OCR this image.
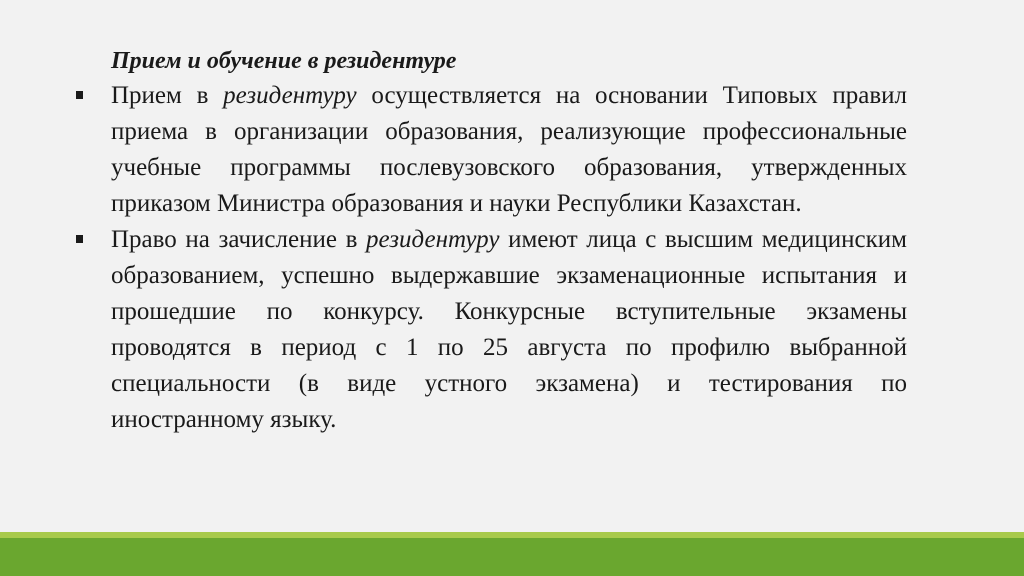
Прием и обучение в резидентуре
Прием в резидентуру осуществляется на основании Типовых правил приема в организации образования, реализующие профессиональные учебные программы послевузовского образования, утвержденных приказом Министра образования и науки Республики Казахстан.
Право на зачисление в резидентуру имеют лица с высшим медицинским образованием, успешно выдержавшие экзаменационные испытания и прошедшие по конкурсу. Конкурсные вступительные экзамены проводятся в период с 1 по 25 августа по профилю выбранной специальности (в виде устного экзамена) и тестирования по иностранному языку.
